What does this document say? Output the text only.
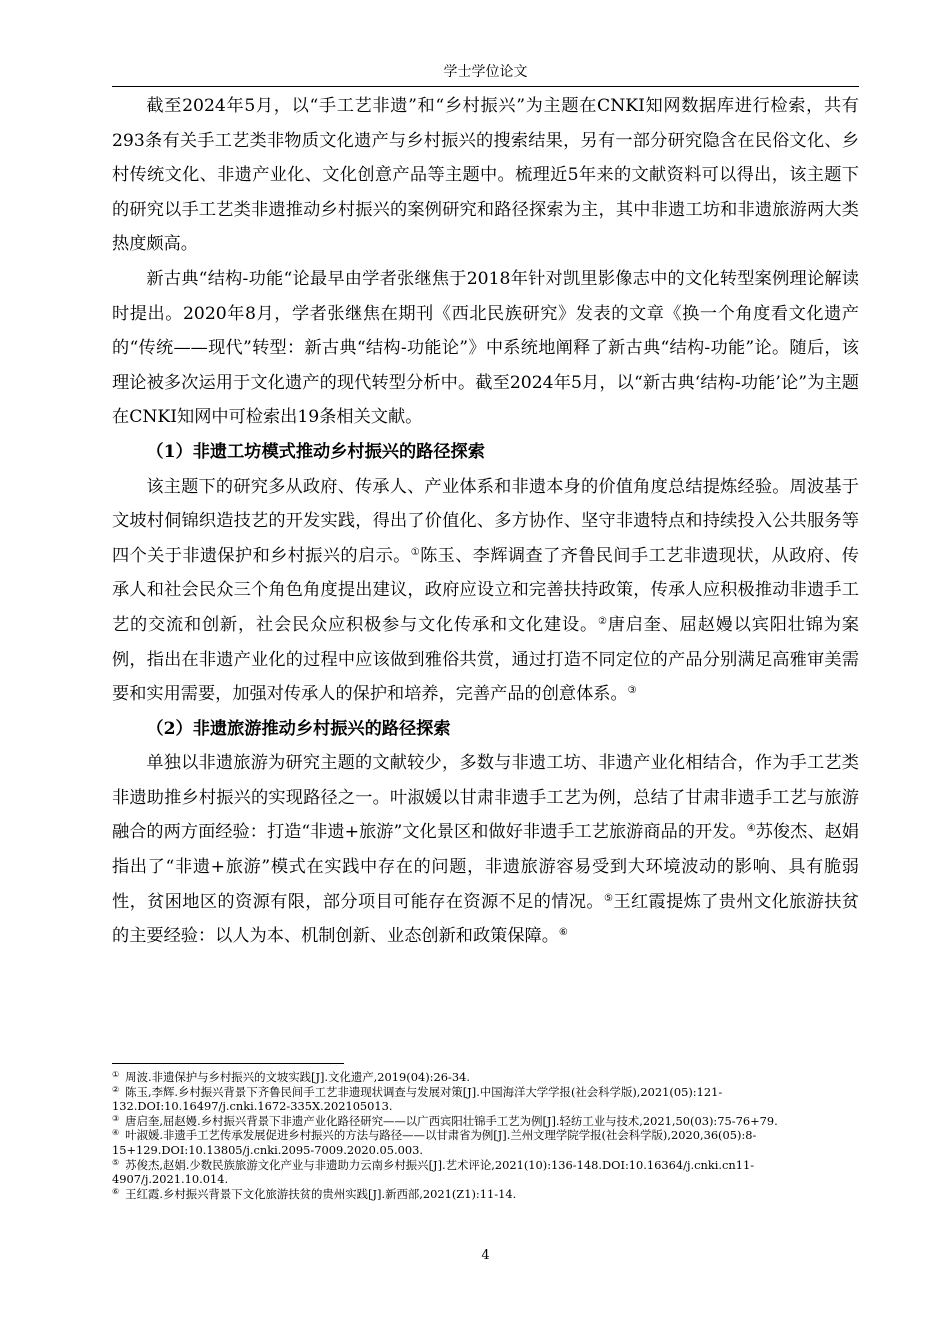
学士学位论文

截至2024年5月，以“手工艺非遗”和“乡村振兴”为主题在CNKI知网数据库进行检索，共有293条有关手工艺类非物质文化遗产与乡村振兴的搜索结果，另有一部分研究隐含在民俗文化、乡村传统文化、非遗产业化、文化创意产品等主题中。梳理近5年来的文献资料可以得出，该主题下的研究以手工艺类非遗推动乡村振兴的案例研究和路径探索为主，其中非遗工坊和非遗旅游两大类热度颇高。

新古典“结构-功能“论最早由学者张继焦于2018年针对凯里影像志中的文化转型案例理论解读时提出。2020年8月，学者张继焦在期刊《西北民族研究》发表的文章《换一个角度看文化遗产的“传统——现代”转型：新古典“结构-功能论”》中系统地阐释了新古典“结构-功能”论。随后，该理论被多次运用于文化遗产的现代转型分析中。截至2024年5月，以“新古典‘结构-功能’论”为主题在CNKI知网中可检索出19条相关文献。

（1）非遗工坊模式推动乡村振兴的路径探索

该主题下的研究多从政府、传承人、产业体系和非遗本身的价值角度总结提炼经验。周波基于文坡村侗锦织造技艺的开发实践，得出了价值化、多方协作、坚守非遗特点和持续投入公共服务等四个关于非遗保护和乡村振兴的启示。①陈玉、李辉调查了齐鲁民间手工艺非遗现状，从政府、传承人和社会民众三个角色角度提出建议，政府应设立和完善扶持政策，传承人应积极推动非遗手工艺的交流和创新，社会民众应积极参与文化传承和文化建设。②唐启奎、屈赵嫚以宾阳壮锦为案例，指出在非遗产业化的过程中应该做到雅俗共赏，通过打造不同定位的产品分别满足高雅审美需要和实用需要，加强对传承人的保护和培养，完善产品的创意体系。③

（2）非遗旅游推动乡村振兴的路径探索

单独以非遗旅游为研究主题的文献较少，多数与非遗工坊、非遗产业化相结合，作为手工艺类非遗助推乡村振兴的实现路径之一。叶淑媛以甘肃非遗手工艺为例，总结了甘肃非遗手工艺与旅游融合的两方面经验：打造“非遗+旅游”文化景区和做好非遗手工艺旅游商品的开发。④苏俊杰、赵娟指出了“非遗+旅游”模式在实践中存在的问题，非遗旅游容易受到大环境波动的影响、具有脆弱性，贫困地区的资源有限，部分项目可能存在资源不足的情况。⑤王红霞提炼了贵州文化旅游扶贫的主要经验：以人为本、机制创新、业态创新和政策保障。⑥

① 周波.非遗保护与乡村振兴的文坡实践[J].文化遗产,2019(04):26-34.

② 陈玉,李辉.乡村振兴背景下齐鲁民间手工艺非遗现状调查与发展对策[J].中国海洋大学学报(社会科学版),2021(05):121-132.DOI:10.16497/j.cnki.1672-335X.202105013.

③ 唐启奎,屈赵嫚.乡村振兴背景下非遗产业化路径研究——以广西宾阳壮锦手工艺为例[J].轻纺工业与技术,2021,50(03):75-76+79.

④ 叶淑媛.非遗手工艺传承发展促进乡村振兴的方法与路径——以甘肃省为例[J].兰州文理学院学报(社会科学版),2020,36(05):8-15+129.DOI:10.13805/j.cnki.2095-7009.2020.05.003.

⑤ 苏俊杰,赵娟.少数民族旅游文化产业与非遗助力云南乡村振兴[J].艺术评论,2021(10):136-148.DOI:10.16364/j.cnki.cn11-4907/j.2021.10.014.

⑥ 王红霞.乡村振兴背景下文化旅游扶贫的贵州实践[J].新西部,2021(Z1):11-14.

4
